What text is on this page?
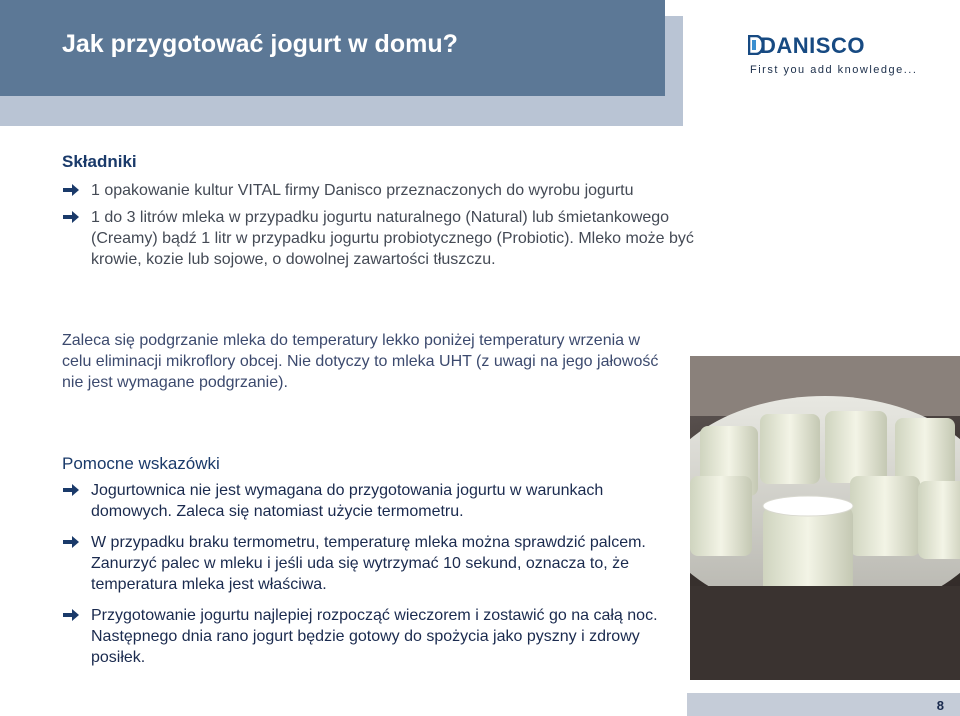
Jak przygotować jogurt w domu?	DANISCO
First you add knowledge...
Składniki
1 opakowanie kultur VITAL firmy Danisco przeznaczonych do wyrobu jogurtu
1 do 3 litrów mleka w przypadku jogurtu naturalnego (Natural) lub śmietankowego (Creamy) bądź 1 litr w przypadku jogurtu probiotycznego (Probiotic). Mleko może być krowie, kozie lub sojowe, o dowolnej zawartości tłuszczu.

Zaleca się podgrzanie mleka do temperatury lekko poniżej temperatury wrzenia w celu eliminacji mikroflory obcej. Nie dotyczy to mleka UHT (z uwagi na jego jałowość nie jest wymagane podgrzanie).

Pomocne wskazówki
Jogurtownica nie jest wymagana do przygotowania jogurtu w warunkach domowych. Zaleca się natomiast użycie termometru.
W przypadku braku termometru, temperaturę mleka można sprawdzić palcem. Zanurzyć palec w mleku i jeśli uda się wytrzymać 10 sekund, oznacza to, że temperatura mleka jest właściwa.
Przygotowanie jogurtu najlepiej rozpocząć wieczorem i zostawić go na całą noc. Następnego dnia rano jogurt będzie gotowy do spożycia jako pyszny i zdrowy posiłek.
8
